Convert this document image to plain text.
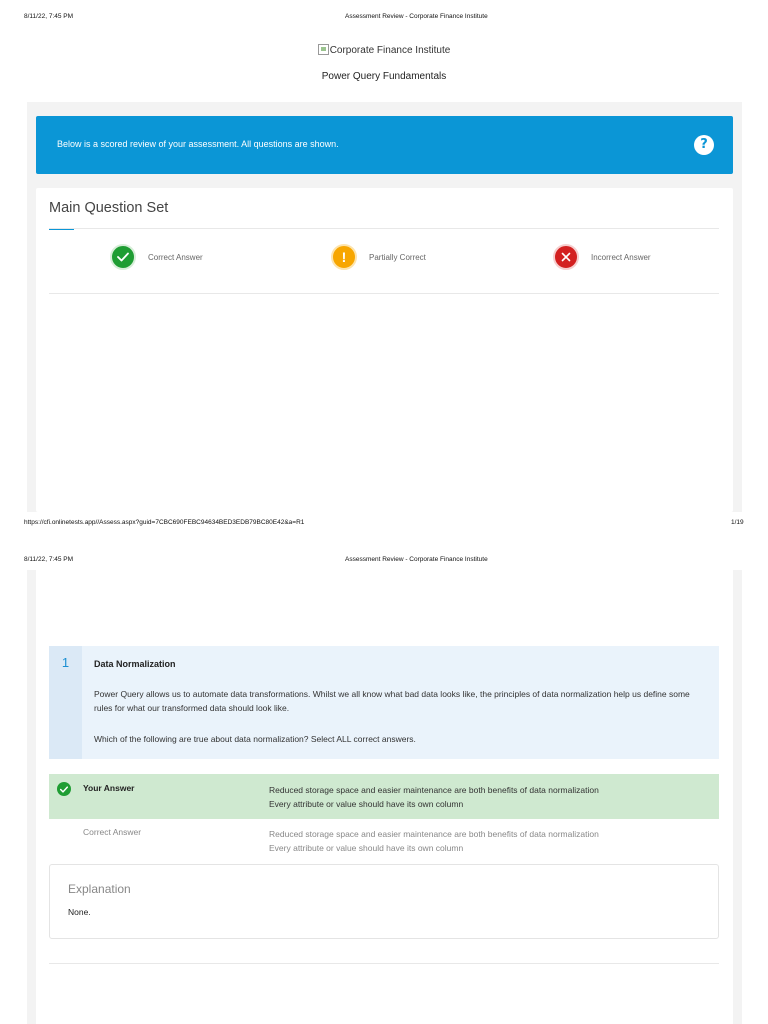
8/11/22, 7:45 PM	Assessment Review - Corporate Finance Institute
Corporate Finance Institute
Power Query Fundamentals
Below is a scored review of your assessment. All questions are shown.	?
Main Question Set
Correct Answer	!	Partially Correct	Incorrect Answer
https://cfi.onlinetests.app//Assess.aspx?guid=7CBC690FEBC94634BED3EDB79BC80E42&a=R1	1/19
8/11/22, 7:45 PM	Assessment Review - Corporate Finance Institute
1	Data Normalization
Power Query allows us to automate data transformations. Whilst we all know what bad data looks like, the principles of data normalization help us define some rules for what our transformed data should look like.
Which of the following are true about data normalization? Select ALL correct answers.
Your Answer	Reduced storage space and easier maintenance are both benefits of data normalization
Every attribute or value should have its own column
Correct Answer	Reduced storage space and easier maintenance are both benefits of data normalization
Every attribute or value should have its own column
Explanation
None.
